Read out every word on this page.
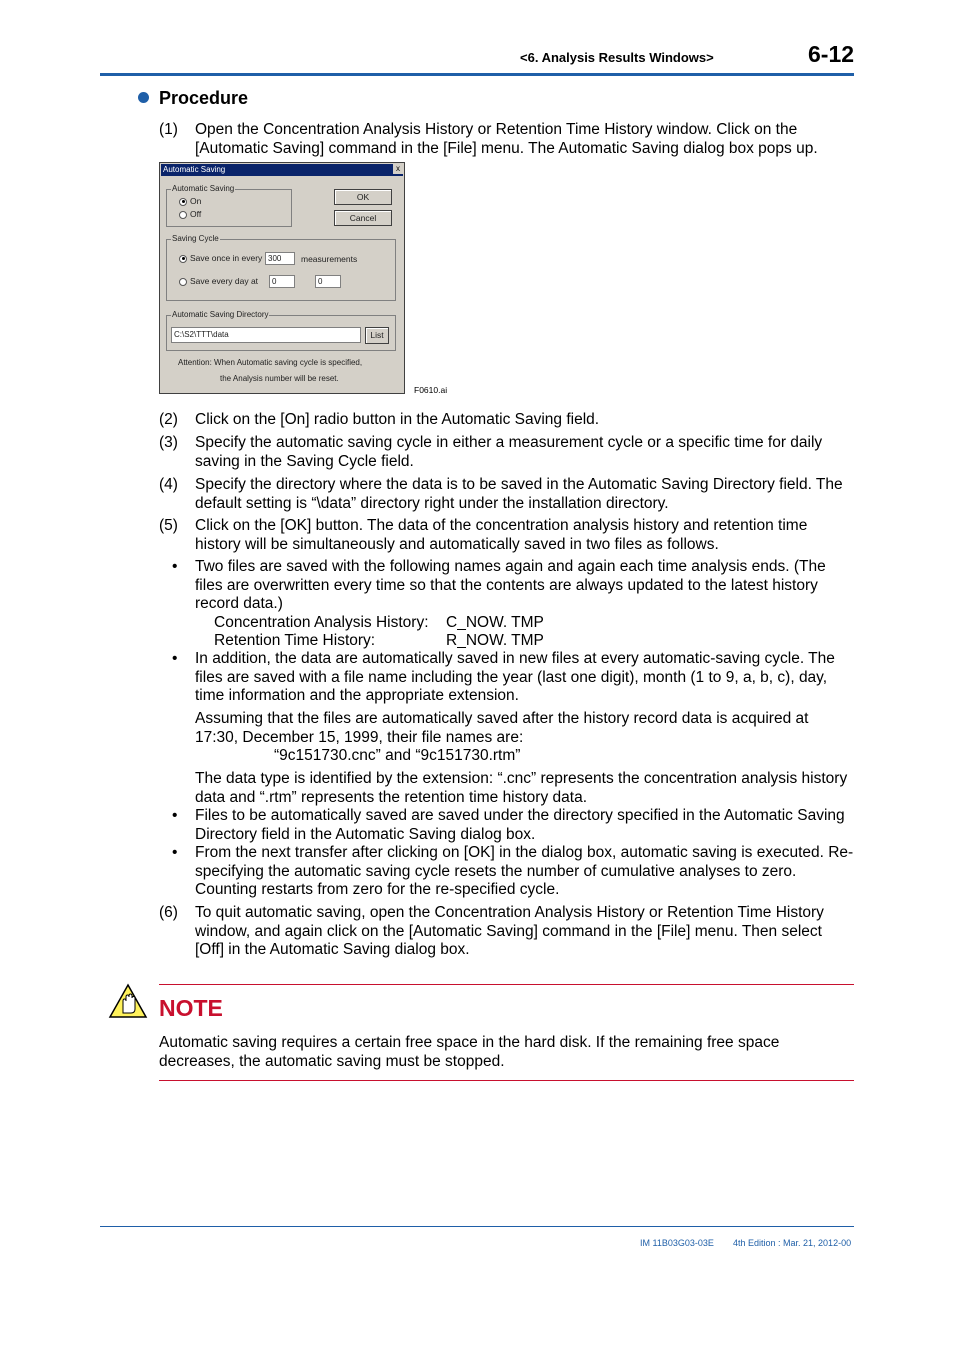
<6. Analysis Results Windows>	6-12
Procedure
(1)	Open the Concentration Analysis History or Retention Time History window. Click on the [Automatic Saving] command in the [File] menu. The Automatic Saving dialog box pops up.
Automatic Saving	x
Automatic Saving
On
Off
OK
Cancel
Saving Cycle
Save once in every 300	measurements
Save every day at	0	0
Automatic Saving Directory
C:\S2\TTT\data	List
Attention: When Automatic saving cycle is specified,
the Analysis number will be reset.
F0610.ai
(2)	Click on the [On] radio button in the Automatic Saving field.
(3)	Specify the automatic saving cycle in either a measurement cycle or a specific time for daily saving in the Saving Cycle field.
(4)	Specify the directory where the data is to be saved in the Automatic Saving Directory field. The default setting is “\data” directory right under the installation directory.
(5)	Click on the [OK] button. The data of the concentration analysis history and retention time history will be simultaneously and automatically saved in two files as follows.
• Two files are saved with the following names again and again each time analysis ends. (The files are overwritten every time so that the contents are always updated to the latest history record data.)
Concentration Analysis History: C_NOW. TMP
Retention Time History:	R_NOW. TMP
• In addition, the data are automatically saved in new files at every automatic-saving cycle. The files are saved with a file name including the year (last one digit), month (1 to 9, a, b, c), day, time information and the appropriate extension.
Assuming that the files are automatically saved after the history record data is acquired at 17:30, December 15, 1999, their file names are:
“9c151730.cnc” and “9c151730.rtm”
The data type is identified by the extension: “.cnc” represents the concentration analysis history data and “.rtm” represents the retention time history data.
• Files to be automatically saved are saved under the directory specified in the Automatic Saving Directory field in the Automatic Saving dialog box.
• From the next transfer after clicking on [OK] in the dialog box, automatic saving is executed. Re-specifying the automatic saving cycle resets the number of cumulative analyses to zero. Counting restarts from zero for the re-specified cycle.
(6)	To quit automatic saving, open the Concentration Analysis History or Retention Time History window, and again click on the [Automatic Saving] command in the [File] menu. Then select [Off] in the Automatic Saving dialog box.
NOTE
Automatic saving requires a certain free space in the hard disk. If the remaining free space decreases, the automatic saving must be stopped.
IM 11B03G03-03E 4th Edition : Mar. 21, 2012-00
